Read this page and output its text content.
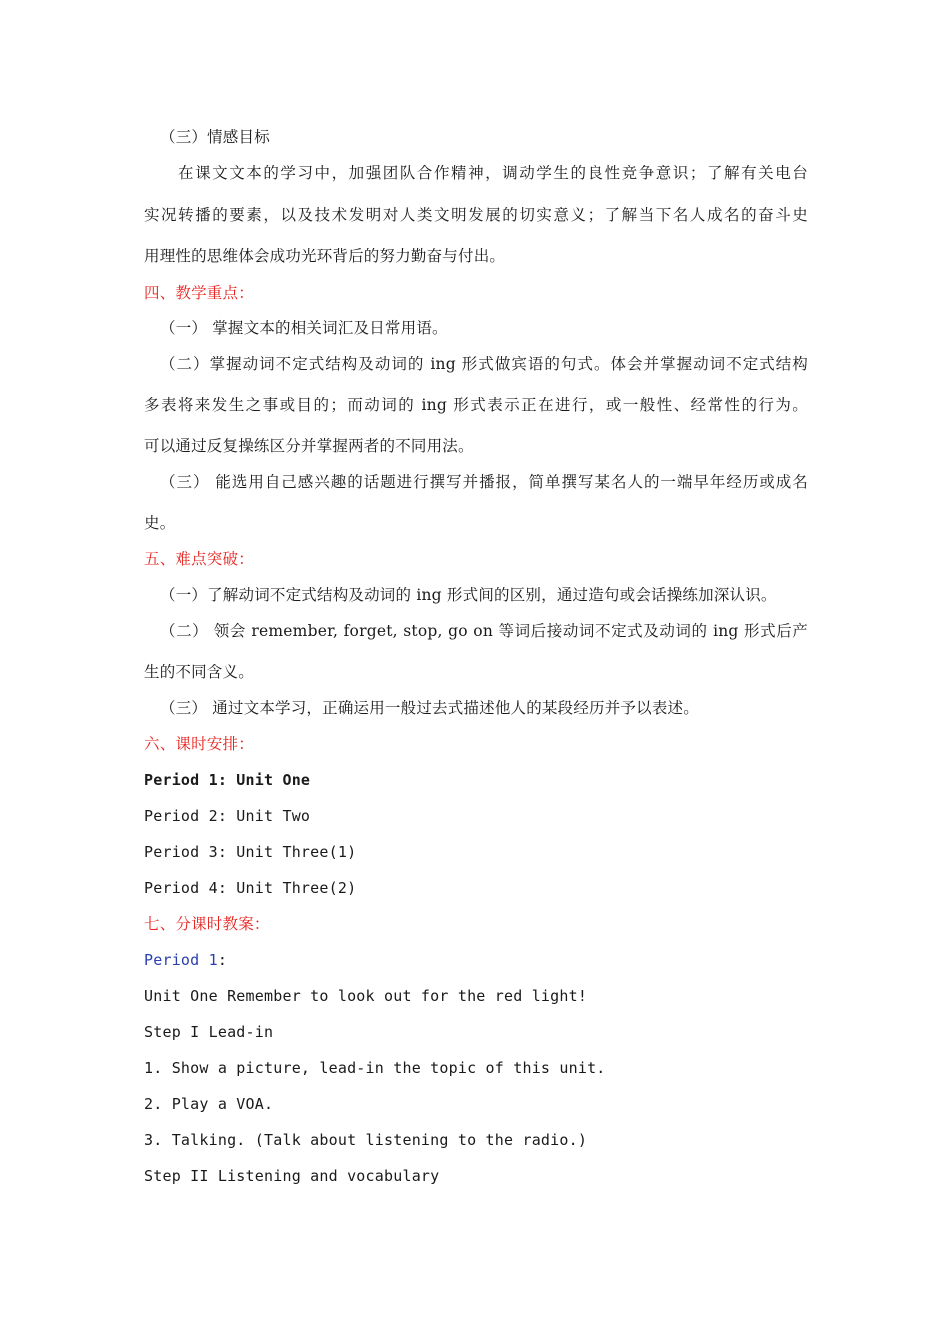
（三）情感目标
在课文文本的学习中，加强团队合作精神，调动学生的良性竞争意识；了解有关电台
实况转播的要素，以及技术发明对人类文明发展的切实意义；了解当下名人成名的奋斗史
用理性的思维体会成功光环背后的努力勤奋与付出。
四、教学重点：
（一） 掌握文本的相关词汇及日常用语。
（二）掌握动词不定式结构及动词的 ing 形式做宾语的句式。体会并掌握动词不定式结构
多表将来发生之事或目的；而动词的 ing 形式表示正在进行，或一般性、经常性的行为。
可以通过反复操练区分并掌握两者的不同用法。
（三） 能选用自己感兴趣的话题进行撰写并播报，简单撰写某名人的一端早年经历或成名
史。
五、难点突破：
（一）了解动词不定式结构及动词的 ing 形式间的区别，通过造句或会话操练加深认识。
（二） 领会 remember, forget, stop, go on 等词后接动词不定式及动词的 ing 形式后产
生的不同含义。
（三） 通过文本学习，正确运用一般过去式描述他人的某段经历并予以表述。
六、课时安排：
Period 1: Unit One
Period 2: Unit Two
Period 3: Unit Three(1)
Period 4: Unit Three(2)
七、分课时教案：
Period 1:
Unit One Remember to look out for the red light!
Step I Lead-in
1. Show a picture, lead-in the topic of this unit.
2. Play a VOA.
3. Talking. (Talk about listening to the radio.)
Step II Listening and vocabulary
